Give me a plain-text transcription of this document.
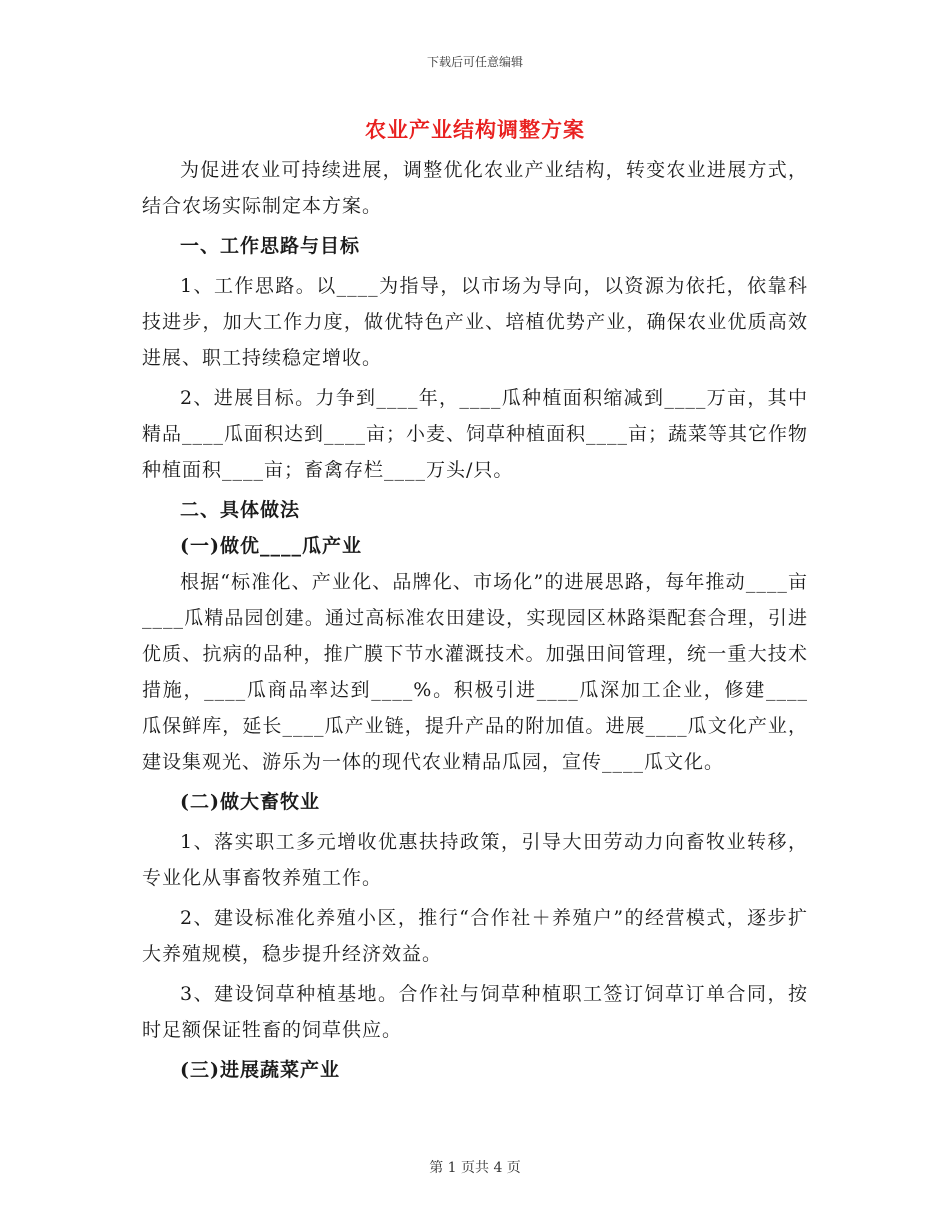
下载后可任意编辑
农业产业结构调整方案

为促进农业可持续进展，调整优化农业产业结构，转变农业进展方式，结合农场实际制定本方案。

一、工作思路与目标

1、工作思路。以____为指导，以市场为导向，以资源为依托，依靠科技进步，加大工作力度，做优特色产业、培植优势产业，确保农业优质高效进展、职工持续稳定增收。

2、进展目标。力争到____年，____瓜种植面积缩减到____万亩，其中精品____瓜面积达到____亩；小麦、饲草种植面积____亩；蔬菜等其它作物种植面积____亩；畜禽存栏____万头/只。

二、具体做法

(一)做优____瓜产业

根据“标准化、产业化、品牌化、市场化”的进展思路，每年推动____亩____瓜精品园创建。通过高标准农田建设，实现园区林路渠配套合理，引进优质、抗病的品种，推广膜下节水灌溉技术。加强田间管理，统一重大技术措施，____瓜商品率达到____%。积极引进____瓜深加工企业，修建____瓜保鲜库，延长____瓜产业链，提升产品的附加值。进展____瓜文化产业，建设集观光、游乐为一体的现代农业精品瓜园，宣传____瓜文化。

(二)做大畜牧业

1、落实职工多元增收优惠扶持政策，引导大田劳动力向畜牧业转移，专业化从事畜牧养殖工作。

2、建设标准化养殖小区，推行“合作社＋养殖户”的经营模式，逐步扩大养殖规模，稳步提升经济效益。

3、建设饲草种植基地。合作社与饲草种植职工签订饲草订单合同，按时足额保证牲畜的饲草供应。

(三)进展蔬菜产业

第 1 页共 4 页
